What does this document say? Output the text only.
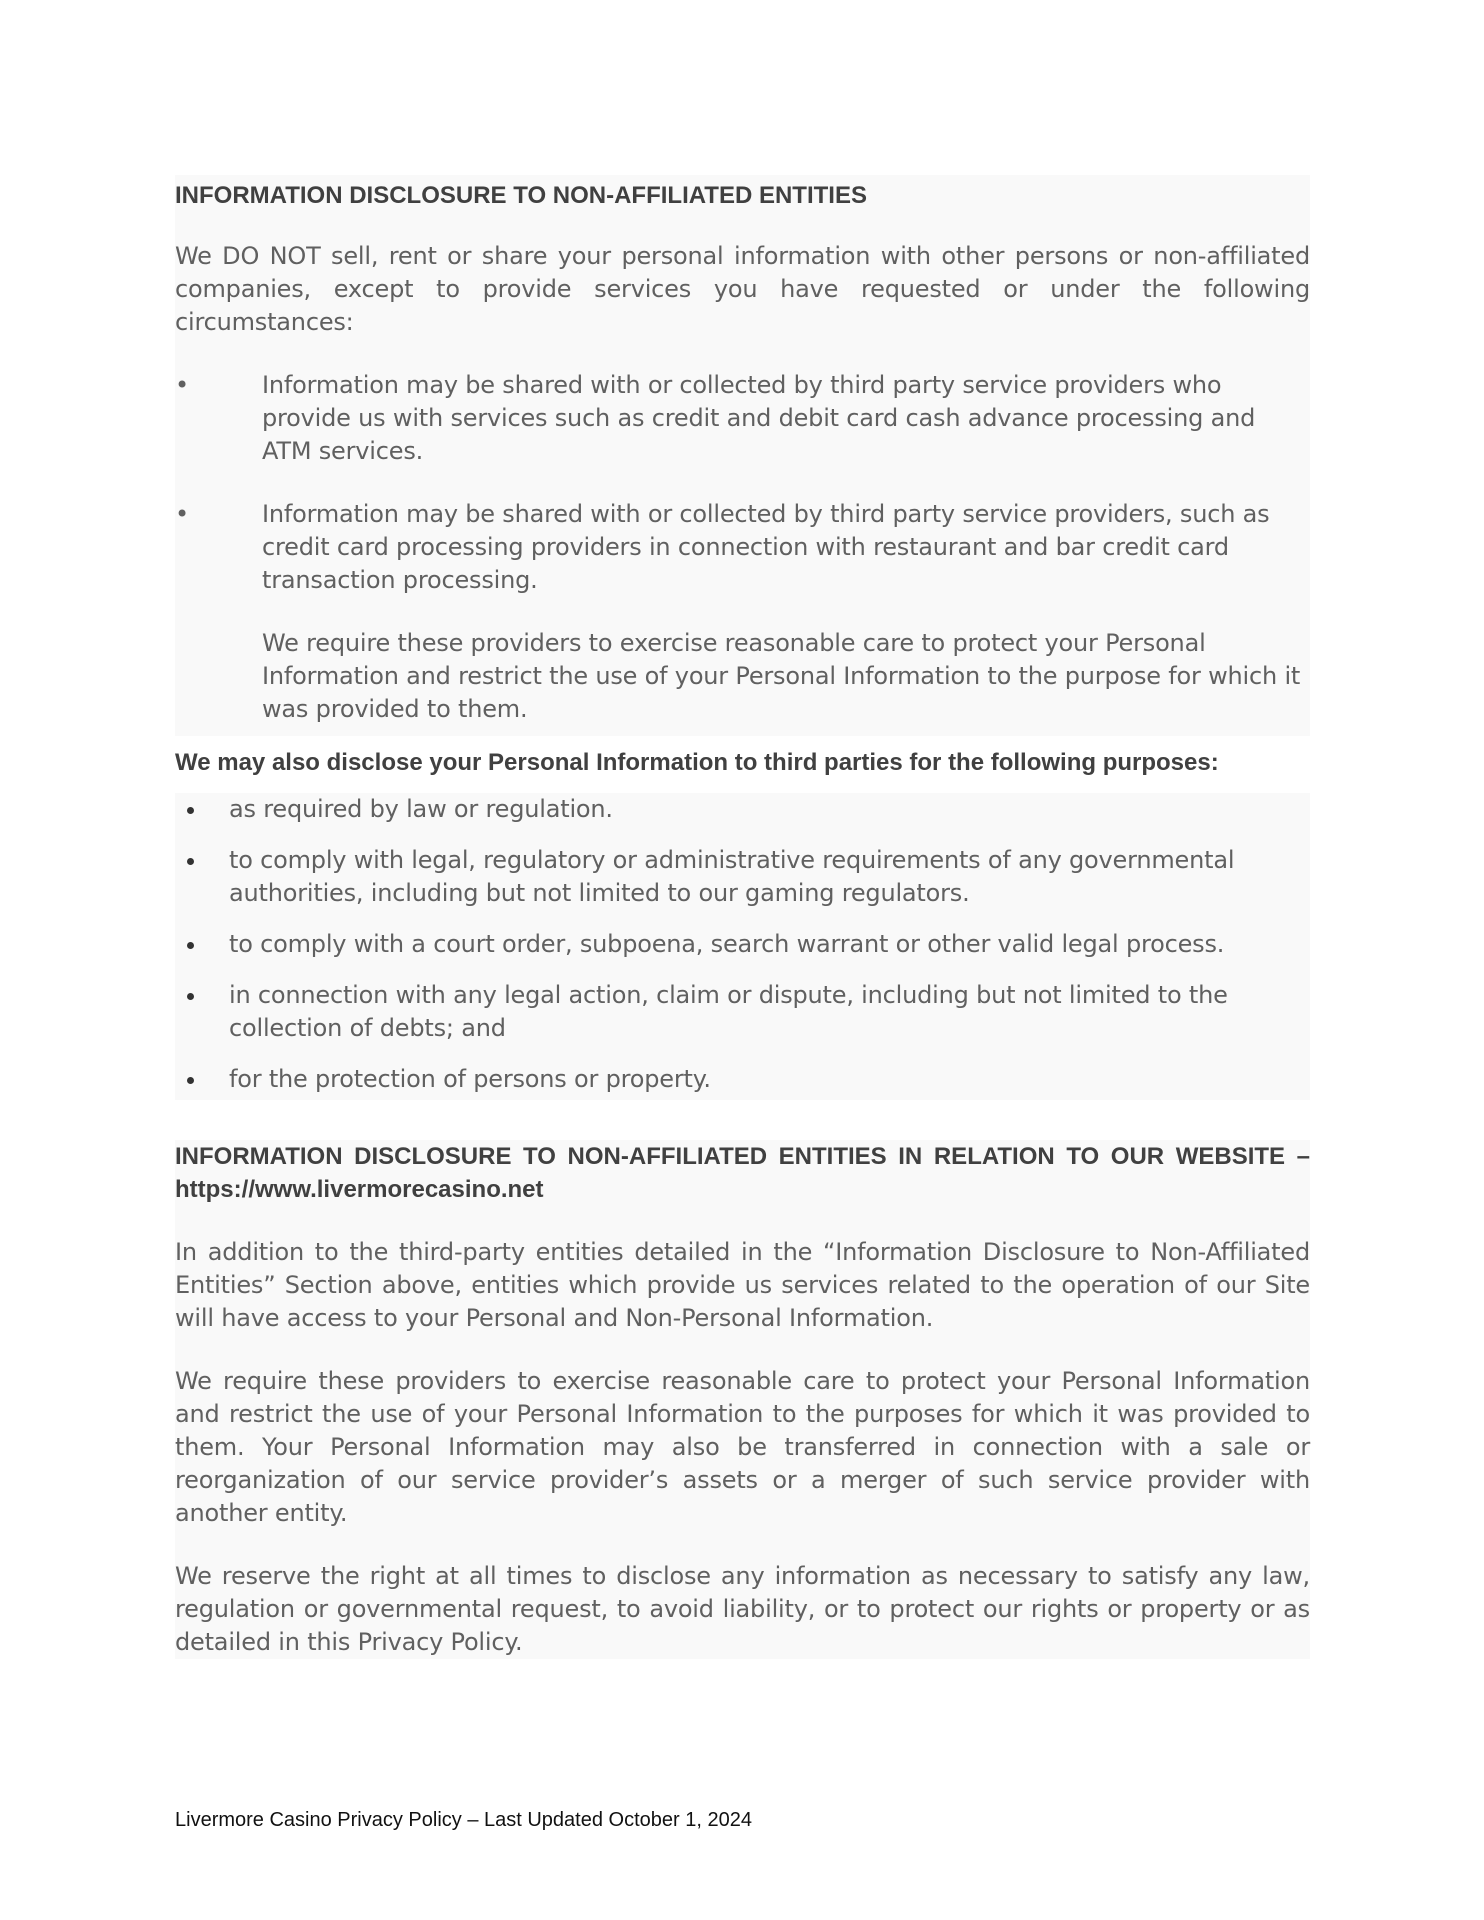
INFORMATION DISCLOSURE TO NON-AFFILIATED ENTITIES

We DO NOT sell, rent or share your personal information with other persons or non-affiliated companies, except to provide services you have requested or under the following circumstances:

•	Information may be shared with or collected by third party service providers who provide us with services such as credit and debit card cash advance processing and ATM services.
•	Information may be shared with or collected by third party service providers, such as credit card processing providers in connection with restaurant and bar credit card transaction processing.
We require these providers to exercise reasonable care to protect your Personal Information and restrict the use of your Personal Information to the purpose for which it was provided to them.

We may also disclose your Personal Information to third parties for the following purposes:

as required by law or regulation.
to comply with legal, regulatory or administrative requirements of any governmental authorities, including but not limited to our gaming regulators.
to comply with a court order, subpoena, search warrant or other valid legal process.
in connection with any legal action, claim or dispute, including but not limited to the collection of debts; and
for the protection of persons or property.
INFORMATION DISCLOSURE TO NON-AFFILIATED ENTITIES IN RELATION TO OUR WEBSITE – https://www.livermorecasino.net

In addition to the third-party entities detailed in the “Information Disclosure to Non-Affiliated Entities” Section above, entities which provide us services related to the operation of our Site will have access to your Personal and Non-Personal Information.

We require these providers to exercise reasonable care to protect your Personal Information and restrict the use of your Personal Information to the purposes for which it was provided to them. Your Personal Information may also be transferred in connection with a sale or reorganization of our service provider’s assets or a merger of such service provider with another entity.

We reserve the right at all times to disclose any information as necessary to satisfy any law, regulation or governmental request, to avoid liability, or to protect our rights or property or as detailed in this Privacy Policy.

Livermore Casino Privacy Policy – Last Updated October 1, 2024
